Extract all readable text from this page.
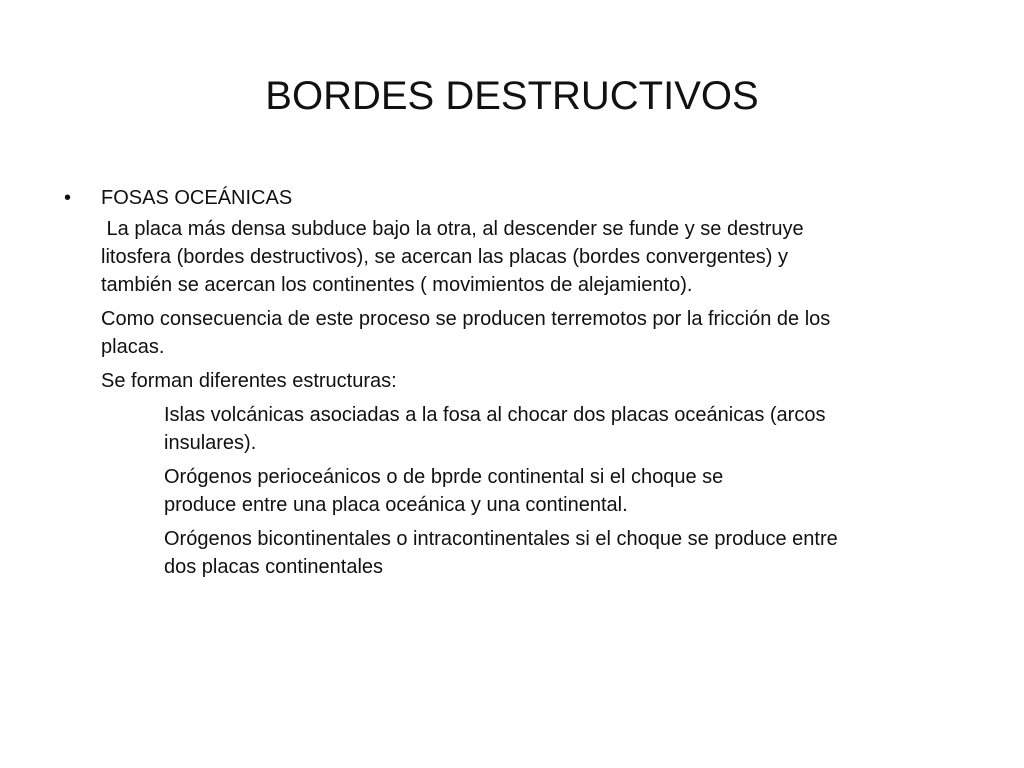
BORDES DESTRUCTIVOS
• FOSAS OCEÁNICAS
La placa más densa subduce bajo la otra, al descender se funde y se destruye
litosfera (bordes destructivos), se acercan las placas (bordes convergentes) y
también se acercan los continentes ( movimientos de alejamiento).
Como consecuencia de este proceso se producen terremotos por la fricción de los
placas.
Se forman diferentes estructuras:
Islas volcánicas asociadas a la fosa al chocar dos placas oceánicas (arcos
insulares).
Orógenos perioceánicos o de bprde continental si el choque se
produce entre una placa oceánica y una continental.
Orógenos bicontinentales o intracontinentales si el choque se produce entre
dos placas continentales
